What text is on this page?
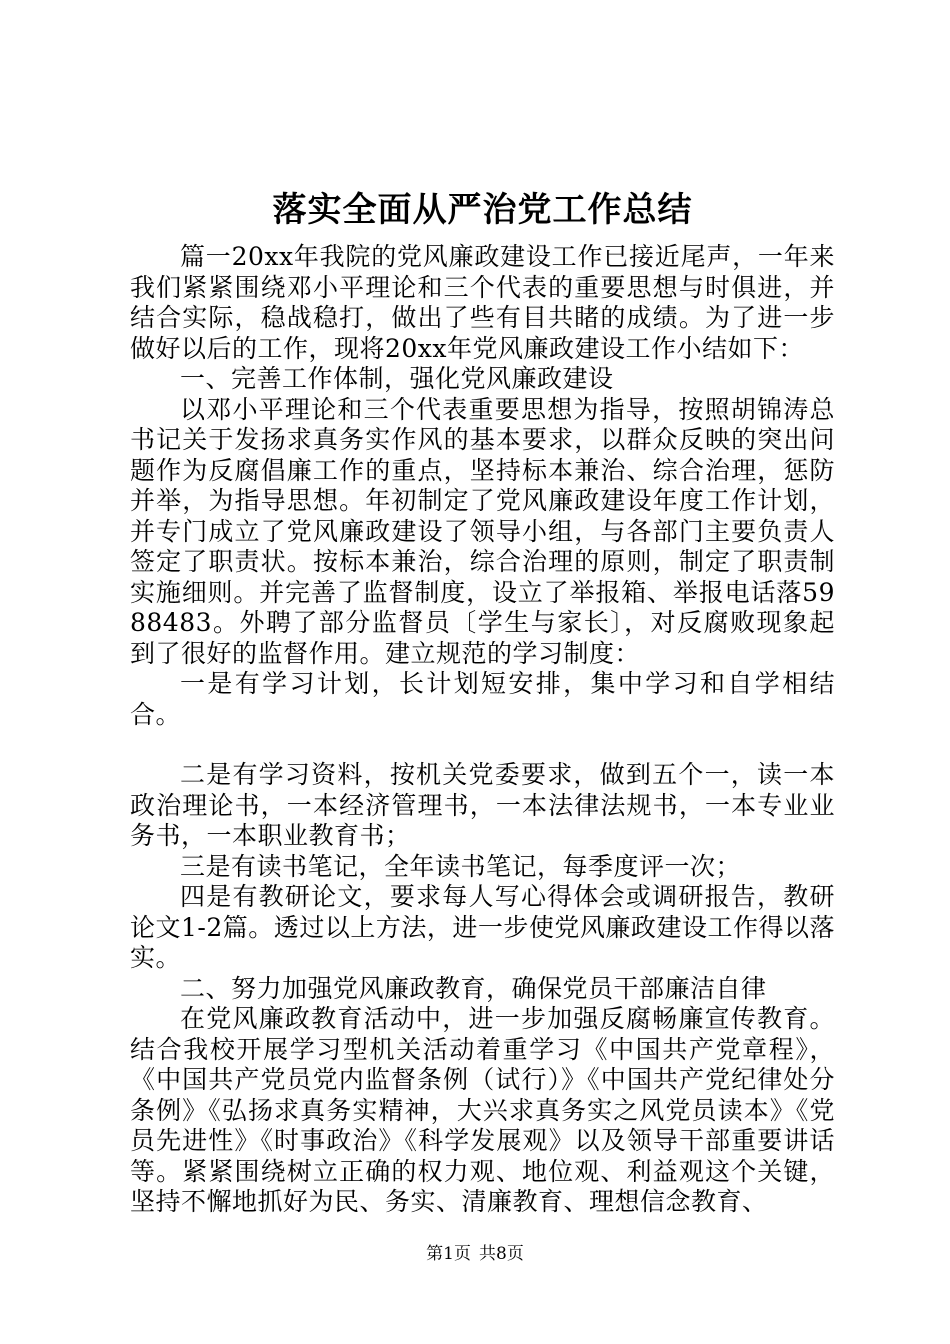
落实全面从严治党工作总结

篇一20xx年我院的党风廉政建设工作已接近尾声，一年来我们紧紧围绕邓小平理论和三个代表的重要思想与时俱进，并结合实际，稳战稳打，做出了些有目共睹的成绩。为了进一步做好以后的工作，现将20xx年党风廉政建设工作小结如下：

一、完善工作体制，强化党风廉政建设

以邓小平理论和三个代表重要思想为指导，按照胡锦涛总书记关于发扬求真务实作风的基本要求，以群众反映的突出问题作为反腐倡廉工作的重点，坚持标本兼治、综合治理，惩防并举，为指导思想。年初制定了党风廉政建设年度工作计划，并专门成立了党风廉政建设了领导小组，与各部门主要负责人签定了职责状。按标本兼治，综合治理的原则，制定了职责制实施细则。并完善了监督制度，设立了举报箱、举报电话落5988483。外聘了部分监督员〔学生与家长〕，对反腐败现象起到了很好的监督作用。建立规范的学习制度：

一是有学习计划，长计划短安排，集中学习和自学相结合。

二是有学习资料，按机关党委要求，做到五个一，读一本政治理论书，一本经济管理书，一本法律法规书，一本专业业务书，一本职业教育书；

三是有读书笔记，全年读书笔记，每季度评一次；

四是有教研论文，要求每人写心得体会或调研报告，教研论文1-2篇。透过以上方法，进一步使党风廉政建设工作得以落实。

二、努力加强党风廉政教育，确保党员干部廉洁自律

在党风廉政教育活动中，进一步加强反腐畅廉宣传教育。结合我校开展学习型机关活动着重学习《中国共产党章程》，《中国共产党员党内监督条例（试行）》《中国共产党纪律处分条例》《弘扬求真务实精神，大兴求真务实之风党员读本》《党员先进性》《时事政治》《科学发展观》以及领导干部重要讲话等。紧紧围绕树立正确的权力观、地位观、利益观这个关键，坚持不懈地抓好为民、务实、清廉教育、理想信念教育、

第1页 共8页
